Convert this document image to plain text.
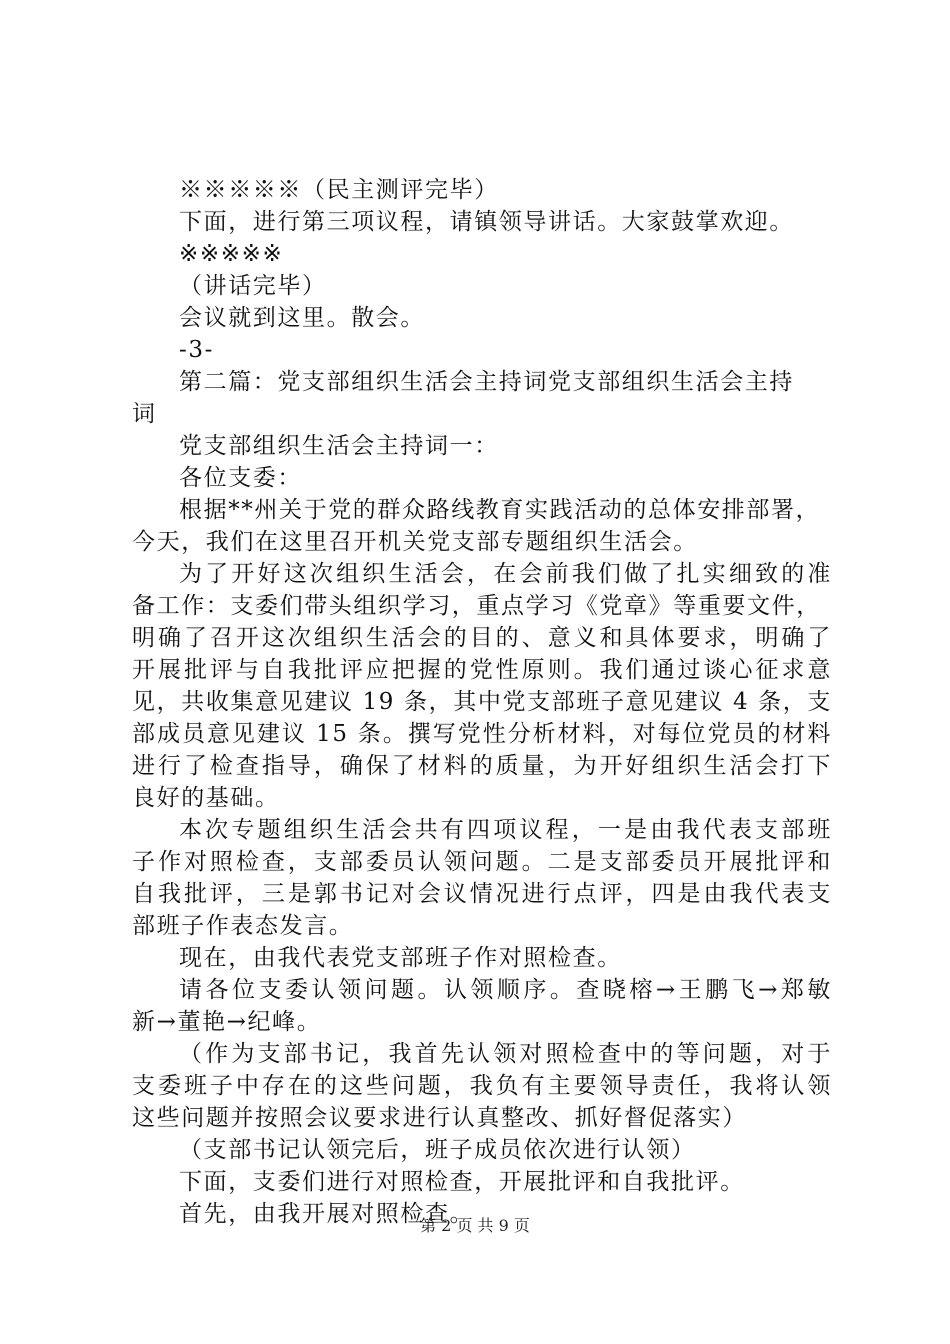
※※※※※（民主测评完毕）
下面，进行第三项议程，请镇领导讲话。大家鼓掌欢迎。
※※※※※
（讲话完毕）
会议就到这里。散会。
-3-
第二篇：党支部组织生活会主持词党支部组织生活会主持
词
党支部组织生活会主持词一：
各位支委：
根据**州关于党的群众路线教育实践活动的总体安排部署，
今天，我们在这里召开机关党支部专题组织生活会。
为了开好这次组织生活会，在会前我们做了扎实细致的准
备工作：支委们带头组织学习，重点学习《党章》等重要文件，
明确了召开这次组织生活会的目的、意义和具体要求，明确了
开展批评与自我批评应把握的党性原则。我们通过谈心征求意
见，共收集意见建议 19 条，其中党支部班子意见建议 4 条，支
部成员意见建议 15 条。撰写党性分析材料，对每位党员的材料
进行了检查指导，确保了材料的质量，为开好组织生活会打下
良好的基础。
本次专题组织生活会共有四项议程，一是由我代表支部班
子作对照检查，支部委员认领问题。二是支部委员开展批评和
自我批评，三是郭书记对会议情况进行点评，四是由我代表支
部班子作表态发言。
现在，由我代表党支部班子作对照检查。
请各位支委认领问题。认领顺序。查晓榕→王鹏飞→郑敏
新→董艳→纪峰。
（作为支部书记，我首先认领对照检查中的等问题，对于
支委班子中存在的这些问题，我负有主要领导责任，我将认领
这些问题并按照会议要求进行认真整改、抓好督促落实）
（支部书记认领完后，班子成员依次进行认领）
下面，支委们进行对照检查，开展批评和自我批评。
首先，由我开展对照检查。
第 2 页 共 9 页
